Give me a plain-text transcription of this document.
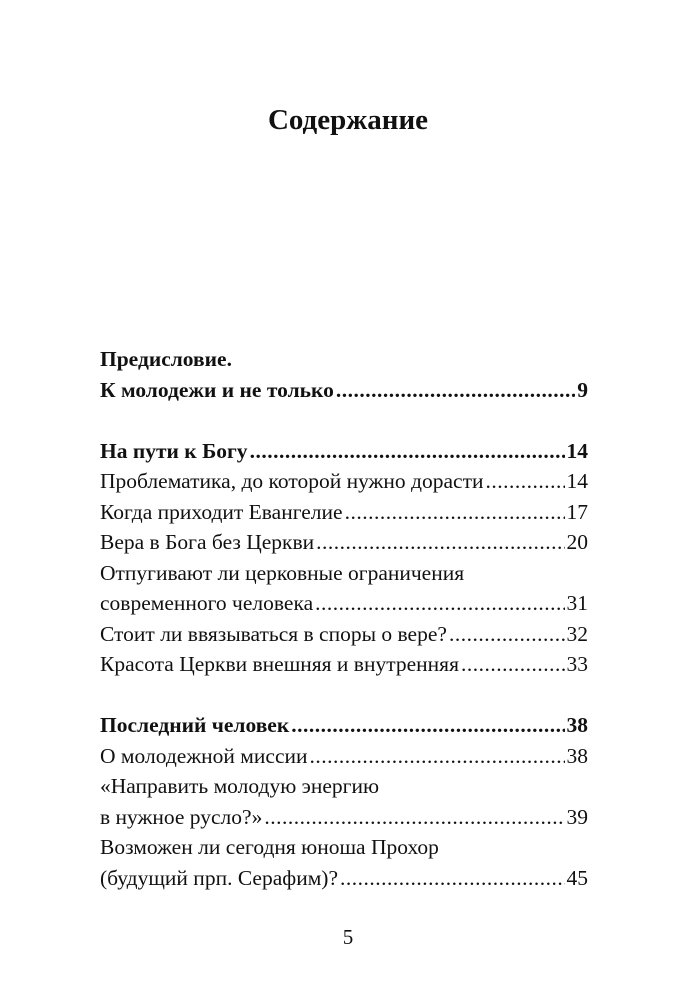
Содержание
Предисловие.
К молодежи и не только .....	9
На пути к Богу .....	14
Проблематика, до которой нужно дорасти .....	14
Когда приходит Евангелие .....	17
Вера в Бога без Церкви .....	20
Отпугивают ли церковные ограничения
современного человека .....	31
Стоит ли ввязываться в споры о вере? .....	32
Красота Церкви внешняя и внутренняя .....	33
Последний человек .....	38
О молодежной миссии .....	38
«Направить молодую энергию
в нужное русло?» .....	39
Возможен ли сегодня юноша Прохор
(будущий прп. Серафим)? .....	45
5
